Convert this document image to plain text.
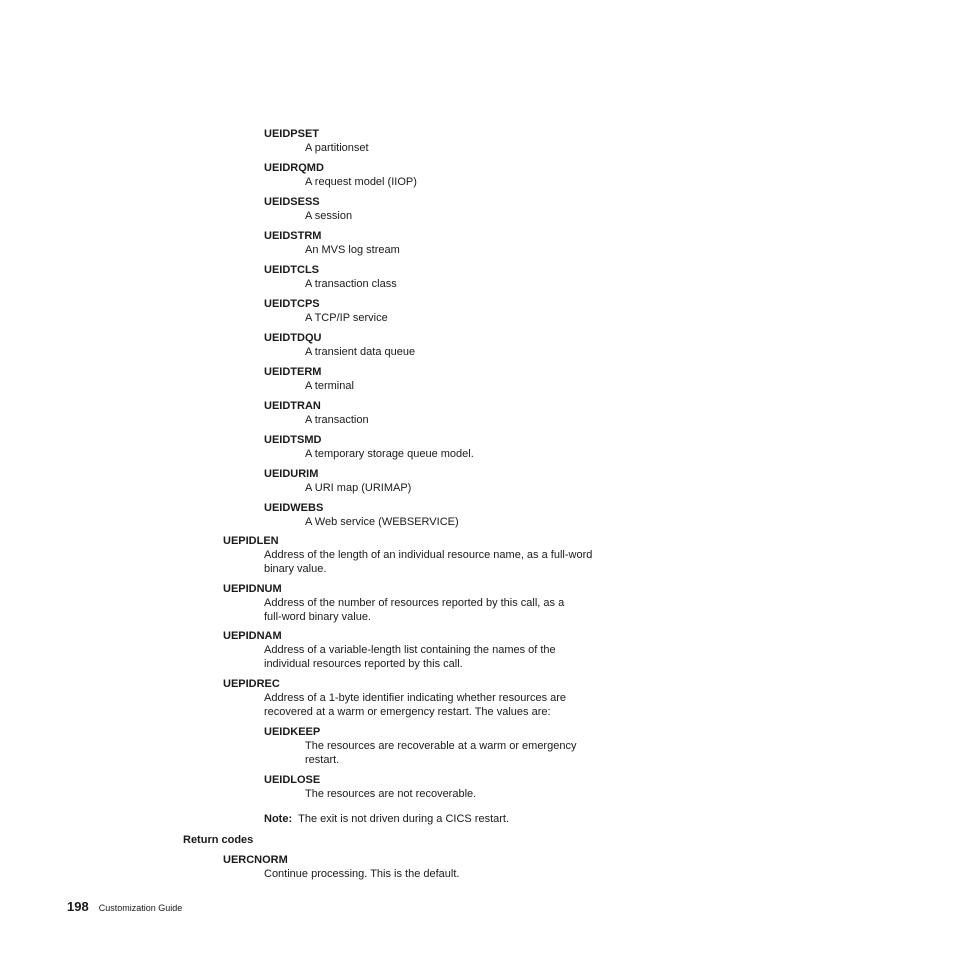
UEIDPSET
A partitionset
UEIDRQMD
A request model (IIOP)
UEIDSESS
A session
UEIDSTRM
An MVS log stream
UEIDTCLS
A transaction class
UEIDTCPS
A TCP/IP service
UEIDTDQU
A transient data queue
UEIDTERM
A terminal
UEIDTRAN
A transaction
UEIDTSMD
A temporary storage queue model.
UEIDURIM
A URI map (URIMAP)
UEIDWEBS
A Web service (WEBSERVICE)
UEPIDLEN
Address of the length of an individual resource name, as a full-word
binary value.
UEPIDNUM
Address of the number of resources reported by this call, as a
full-word binary value.
UEPIDNAM
Address of a variable-length list containing the names of the
individual resources reported by this call.
UEPIDREC
Address of a 1-byte identifier indicating whether resources are
recovered at a warm or emergency restart. The values are:
UEIDKEEP
The resources are recoverable at a warm or emergency
restart.
UEIDLOSE
The resources are not recoverable.
Note: The exit is not driven during a CICS restart.
Return codes
UERCNORM
Continue processing. This is the default.
198 Customization Guide
